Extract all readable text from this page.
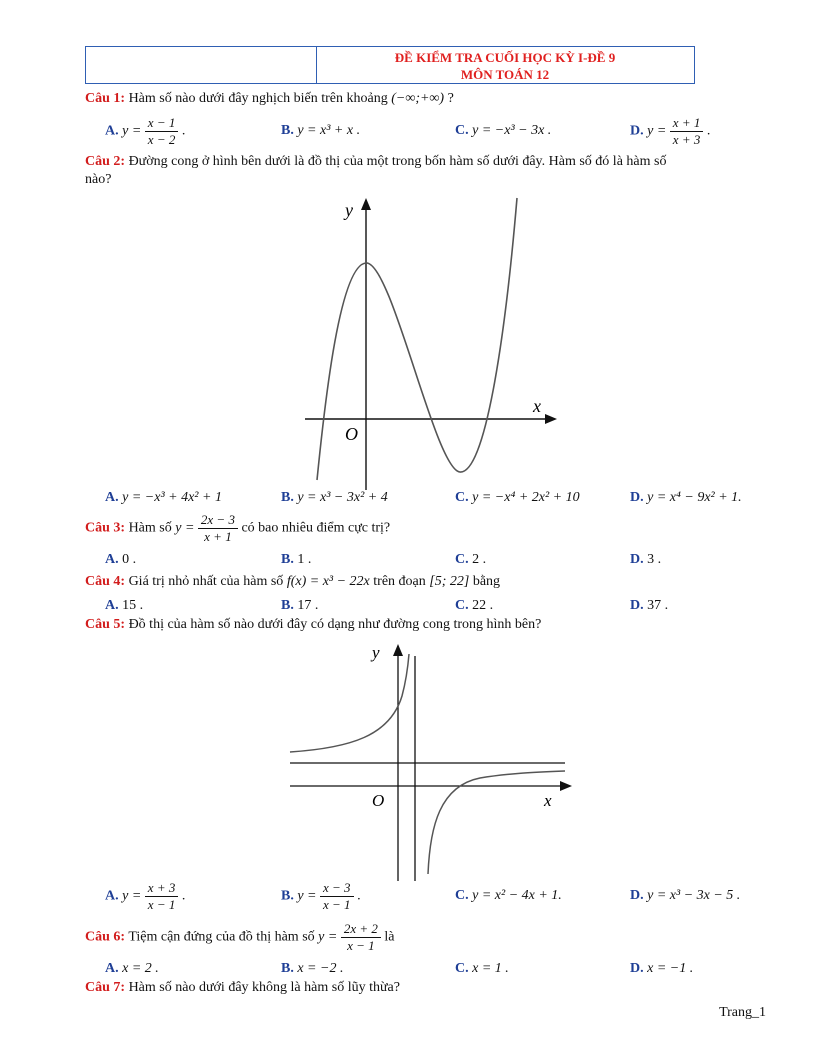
ĐỀ KIỂM TRA CUỐI HỌC KỲ I-ĐỀ 9
MÔN TOÁN 12
Câu 1: Hàm số nào dưới đây nghịch biến trên khoảng (−∞;+∞) ?
A. $y = \frac{x - 1}{x - 2}$ .	B. y = x³ + x .	C. y = −x³ − 3x .	D. $y = \frac{x + 1}{x + 3}$ .
Câu 2: Đường cong ở hình bên dưới là đồ thị của một trong bốn hàm số dưới đây. Hàm số đó là hàm số
nào?
y
x
O
A. y = −x³ + 4x² + 1	B. y = x³ − 3x² + 4	C. y = −x⁴ + 2x² + 10	D. y = x⁴ − 9x² + 1.
Câu 3: Hàm số $y = \frac{2x - 3}{x + 1}$ có bao nhiêu điểm cực trị?
A. 0 .	B. 1 .	C. 2 .	D. 3 .
Câu 4: Giá trị nhỏ nhất của hàm số f(x) = x³ − 22x trên đoạn [5; 22] bằng
A. 15 .	B. 17 .	C. 22 .	D. 37 .
Câu 5: Đồ thị của hàm số nào dưới đây có dạng như đường cong trong hình bên?
y
x
O
A. $y = \frac{x + 3}{x - 1}$ .	B. $y = \frac{x - 3}{x - 1}$ .	C. y = x² − 4x + 1.	D. y = x³ − 3x − 5 .
Câu 6: Tiệm cận đứng của đồ thị hàm số $y = \frac{2x + 2}{x - 1}$ là
A. x = 2 .	B. x = −2 .	C. x = 1 .	D. x = −1 .
Câu 7: Hàm số nào dưới đây không là hàm số lũy thừa?
Trang_1
